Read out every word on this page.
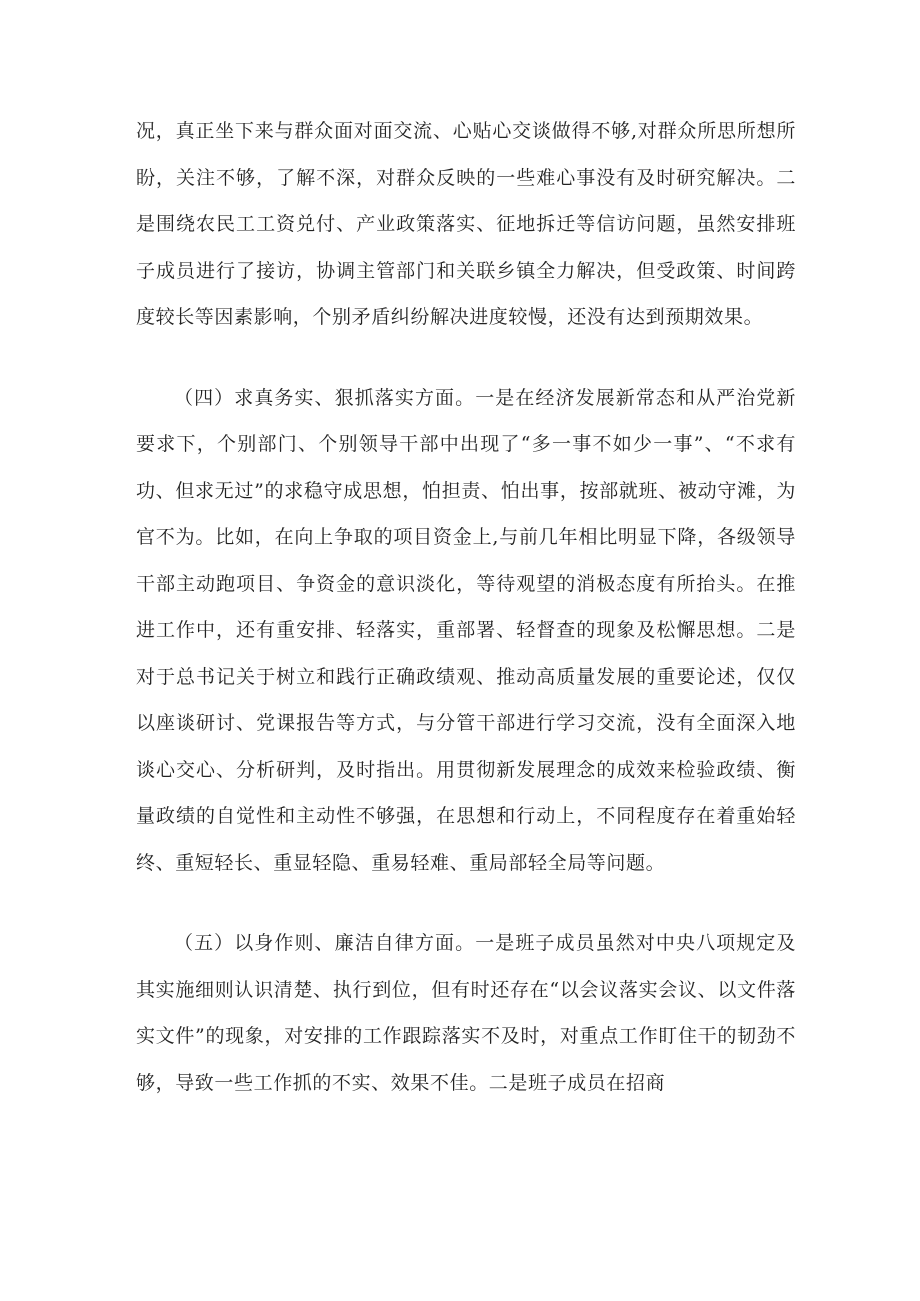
况，真正坐下来与群众面对面交流、心贴心交谈做得不够,对群众所思所想所盼，关注不够，了解不深，对群众反映的一些难心事没有及时研究解决。二是围绕农民工工资兑付、产业政策落实、征地拆迁等信访问题，虽然安排班子成员进行了接访，协调主管部门和关联乡镇全力解决，但受政策、时间跨度较长等因素影响，个别矛盾纠纷解决进度较慢，还没有达到预期效果。

（四）求真务实、狠抓落实方面。一是在经济发展新常态和从严治党新要求下，个别部门、个别领导干部中出现了“多一事不如少一事”、“不求有功、但求无过”的求稳守成思想，怕担责、怕出事，按部就班、被动守滩，为官不为。比如，在向上争取的项目资金上,与前几年相比明显下降，各级领导干部主动跑项目、争资金的意识淡化，等待观望的消极态度有所抬头。在推进工作中，还有重安排、轻落实，重部署、轻督查的现象及松懈思想。二是对于总书记关于树立和践行正确政绩观、推动高质量发展的重要论述，仅仅以座谈研讨、党课报告等方式，与分管干部进行学习交流，没有全面深入地谈心交心、分析研判，及时指出。用贯彻新发展理念的成效来检验政绩、衡量政绩的自觉性和主动性不够强，在思想和行动上，不同程度存在着重始轻终、重短轻长、重显轻隐、重易轻难、重局部轻全局等问题。

（五）以身作则、廉洁自律方面。一是班子成员虽然对中央八项规定及其实施细则认识清楚、执行到位，但有时还存在“以会议落实会议、以文件落实文件”的现象，对安排的工作跟踪落实不及时，对重点工作盯住干的韧劲不够，导致一些工作抓的不实、效果不佳。二是班子成员在招商
